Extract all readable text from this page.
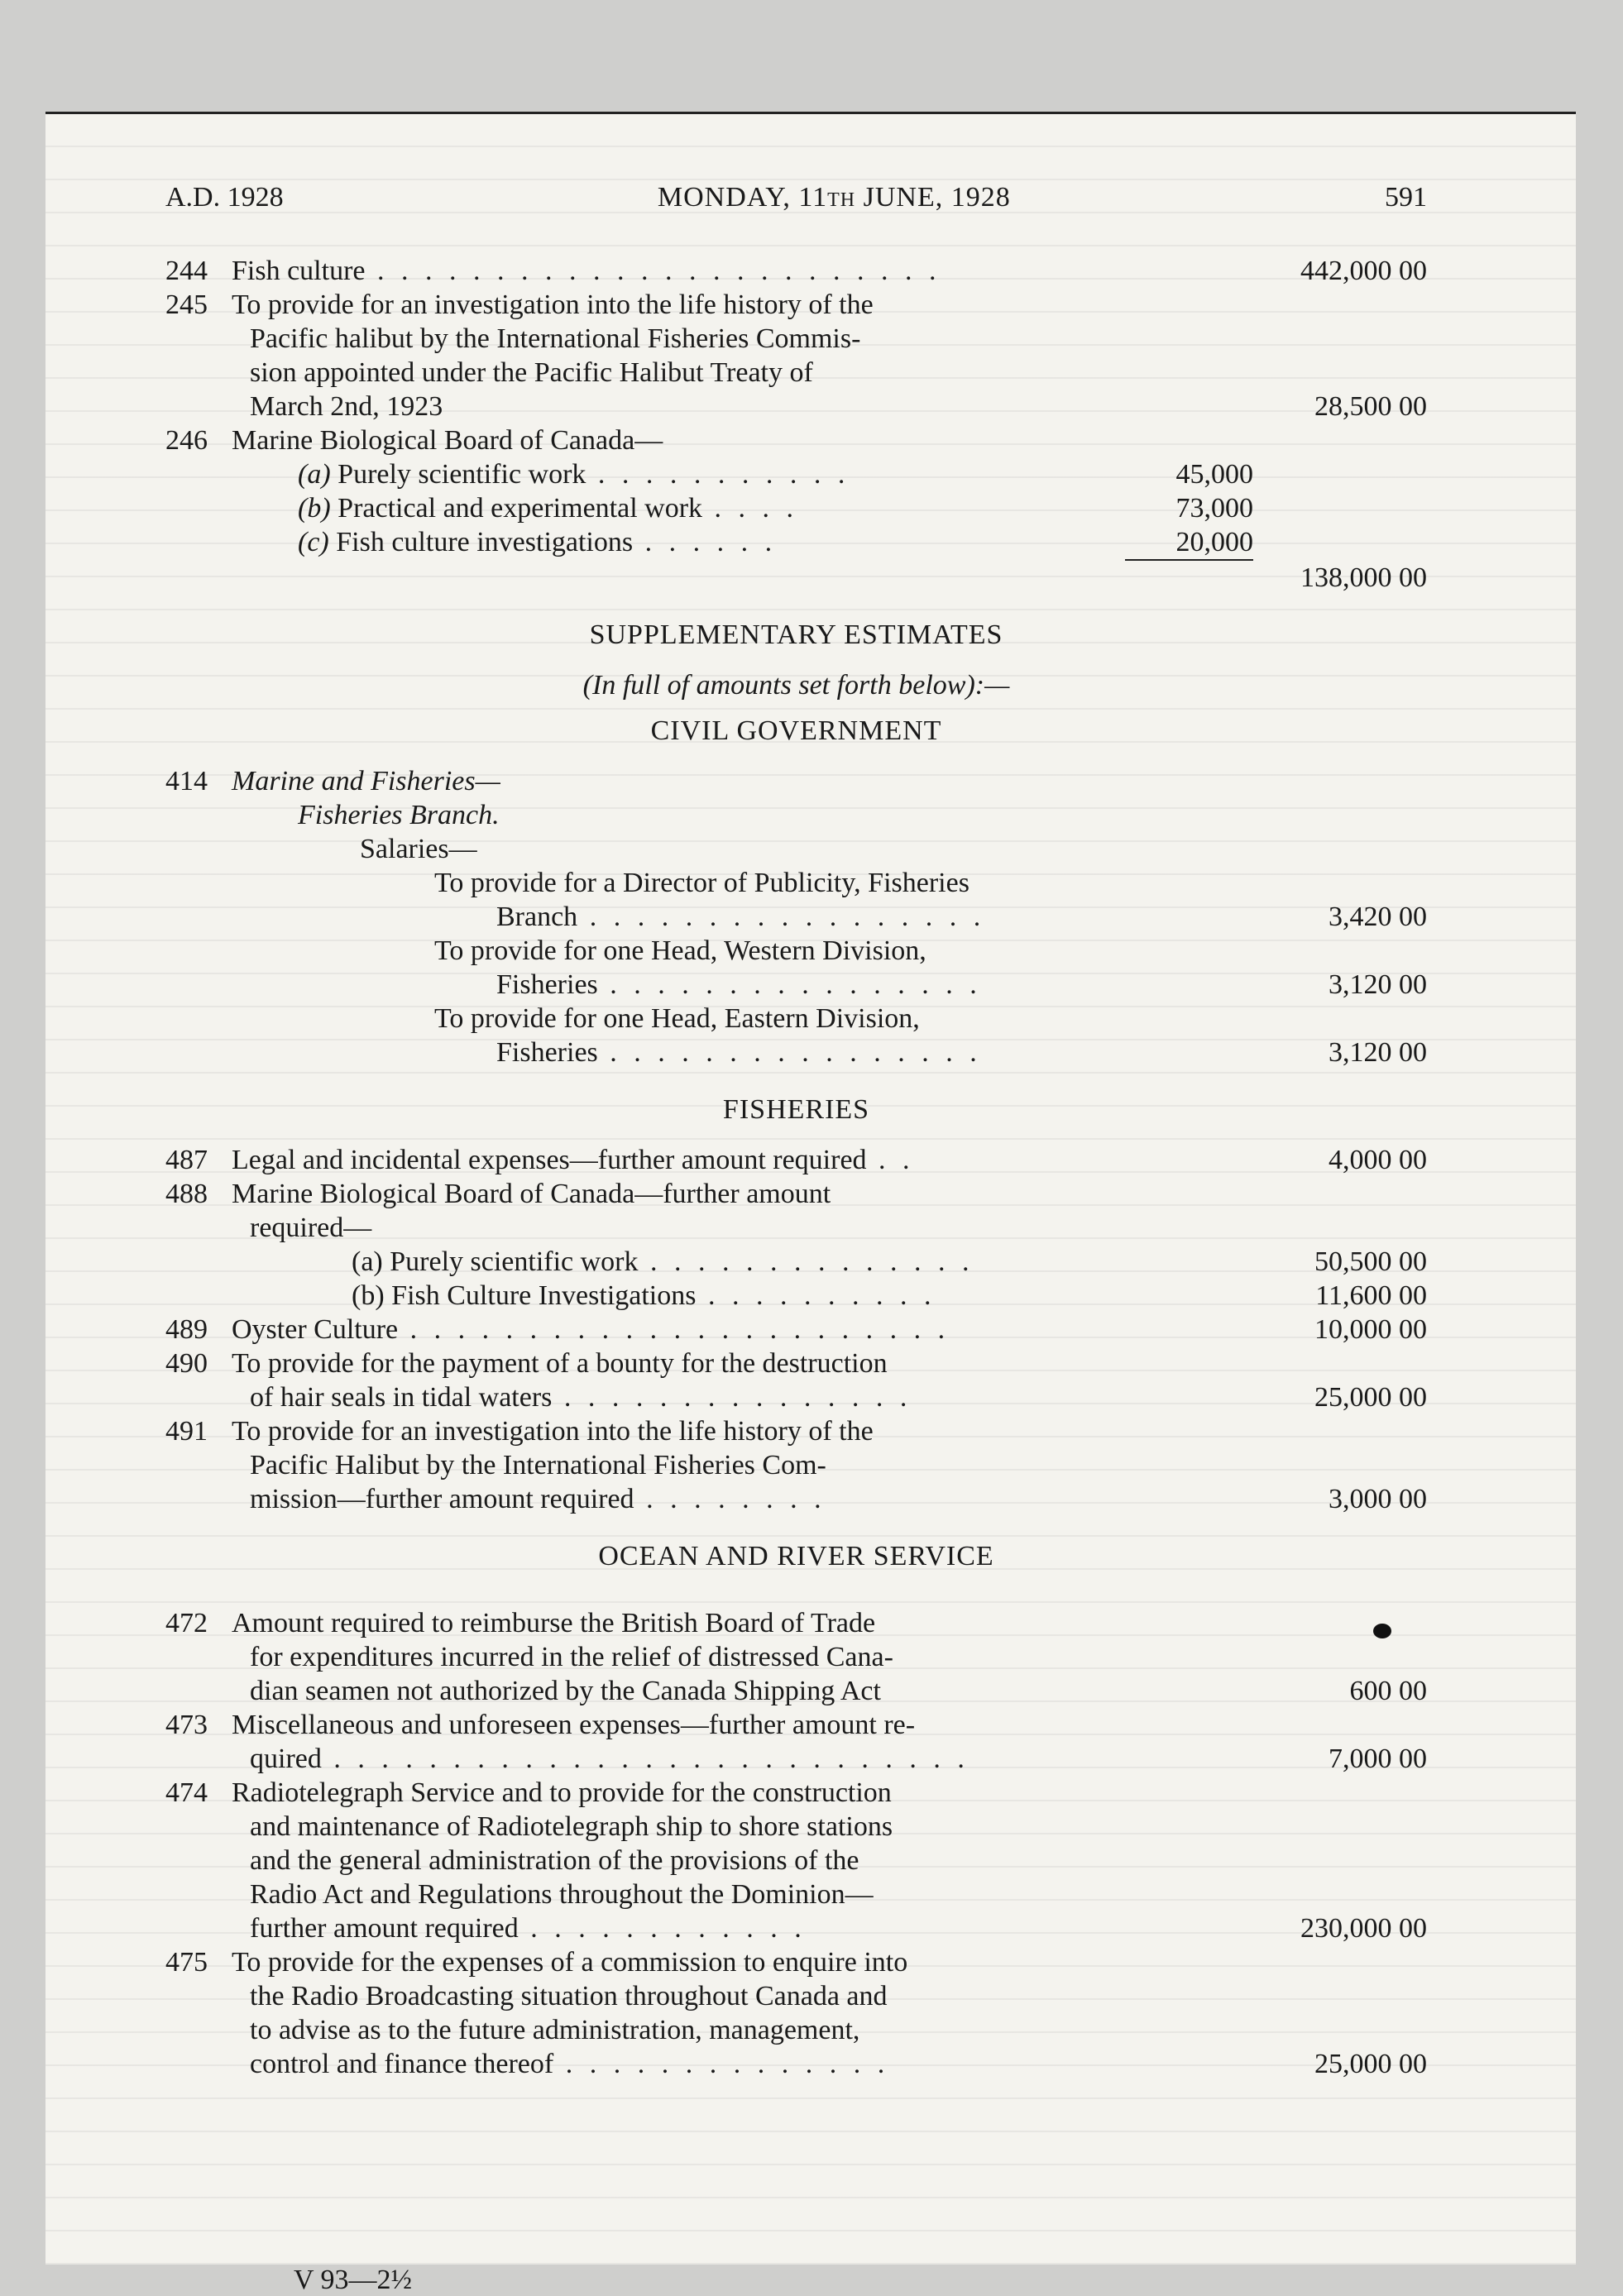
A.D. 1928	MONDAY, 11th JUNE, 1928	591
244 Fish culture . . . . . . . . . . . . . . . . . . . . . . . .	442,000 00
245 To provide for an investigation into the life history of the
Pacific halibut by the International Fisheries Commis-
sion appointed under the Pacific Halibut Treaty of
March 2nd, 1923	28,500 00
246 Marine Biological Board of Canada—
(a) Purely scientific work . . . . . . . . . . .	45,000
(b) Practical and experimental work . . . .	73,000
(c) Fish culture investigations . . . . . .	20,000

138,000 00
SUPPLEMENTARY ESTIMATES
(In full of amounts set forth below):—
CIVIL GOVERNMENT
414 Marine and Fisheries—
Fisheries Branch.
Salaries—
To provide for a Director of Publicity, Fisheries
Branch . . . . . . . . . . . . . . . . .	3,420 00
To provide for one Head, Western Division,
Fisheries . . . . . . . . . . . . . . . .	3,120 00
To provide for one Head, Eastern Division,
Fisheries . . . . . . . . . . . . . . . .	3,120 00
FISHERIES
487 Legal and incidental expenses—further amount required . .	4,000 00
488 Marine Biological Board of Canada—further amount
required—
(a) Purely scientific work . . . . . . . . . . . . . .	50,500 00
(b) Fish Culture Investigations . . . . . . . . . .	11,600 00
489 Oyster Culture . . . . . . . . . . . . . . . . . . . . . . .	10,000 00
490 To provide for the payment of a bounty for the destruction
of hair seals in tidal waters . . . . . . . . . . . . . . .	25,000 00
491 To provide for an investigation into the life history of the
Pacific Halibut by the International Fisheries Com-
mission—further amount required . . . . . . . .	3,000 00
OCEAN AND RIVER SERVICE
472 Amount required to reimburse the British Board of Trade
for expenditures incurred in the relief of distressed Cana-
dian seamen not authorized by the Canada Shipping Act	600 00
473 Miscellaneous and unforeseen expenses—further amount re-
quired . . . . . . . . . . . . . . . . . . . . . . . . . . .	7,000 00
474 Radiotelegraph Service and to provide for the construction
and maintenance of Radiotelegraph ship to shore stations
and the general administration of the provisions of the
Radio Act and Regulations throughout the Dominion—
further amount required . . . . . . . . . . . .	230,000 00
475 To provide for the expenses of a commission to enquire into
the Radio Broadcasting situation throughout Canada and
to advise as to the future administration, management,
control and finance thereof . . . . . . . . . . . . . .	25,000 00
V 93—2½
